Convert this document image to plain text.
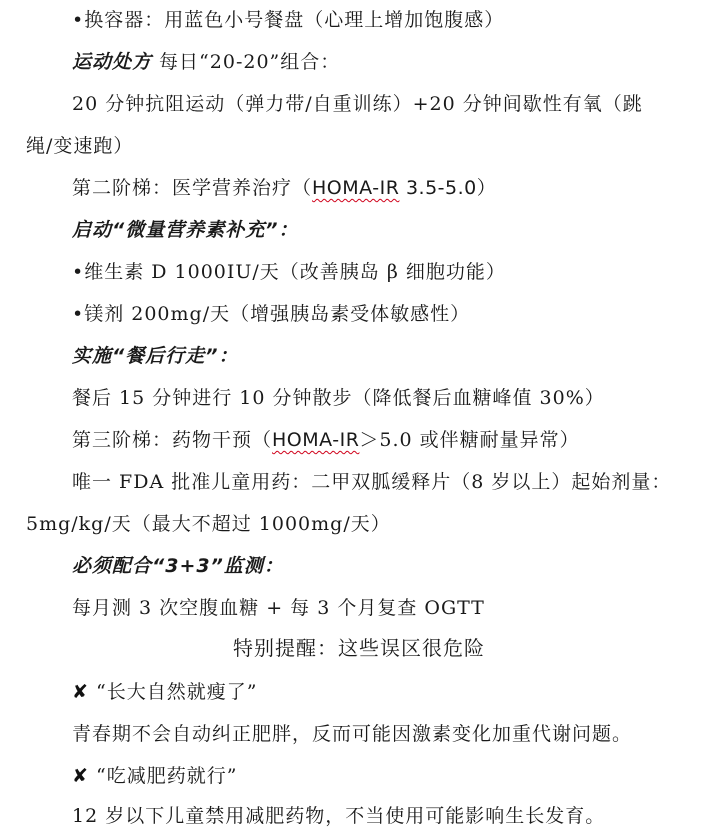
•换容器：用蓝色小号餐盘（心理上增加饱腹感）
运动处方 每日“20-20”组合：
20 分钟抗阻运动（弹力带/自重训练）+20 分钟间歇性有氧（跳
绳/变速跑）
第二阶梯：医学营养治疗（HOMA-IR 3.5-5.0）
启动“微量营养素补充”：
•维生素 D 1000IU/天（改善胰岛 β 细胞功能）
•镁剂 200mg/天（增强胰岛素受体敏感性）
实施“餐后行走”：
餐后 15 分钟进行 10 分钟散步（降低餐后血糖峰值 30%）
第三阶梯：药物干预（HOMA-IR＞5.0 或伴糖耐量异常）
唯一 FDA 批准儿童用药：二甲双胍缓释片（8 岁以上）起始剂量：
5mg/kg/天（最大不超过 1000mg/天）
必须配合“3+3”监测：
每月测 3 次空腹血糖 + 每 3 个月复查 OGTT
特别提醒：这些误区很危险
✘ “长大自然就瘦了”
青春期不会自动纠正肥胖，反而可能因激素变化加重代谢问题。
✘ “吃减肥药就行”
12 岁以下儿童禁用减肥药物，不当使用可能影响生长发育。
